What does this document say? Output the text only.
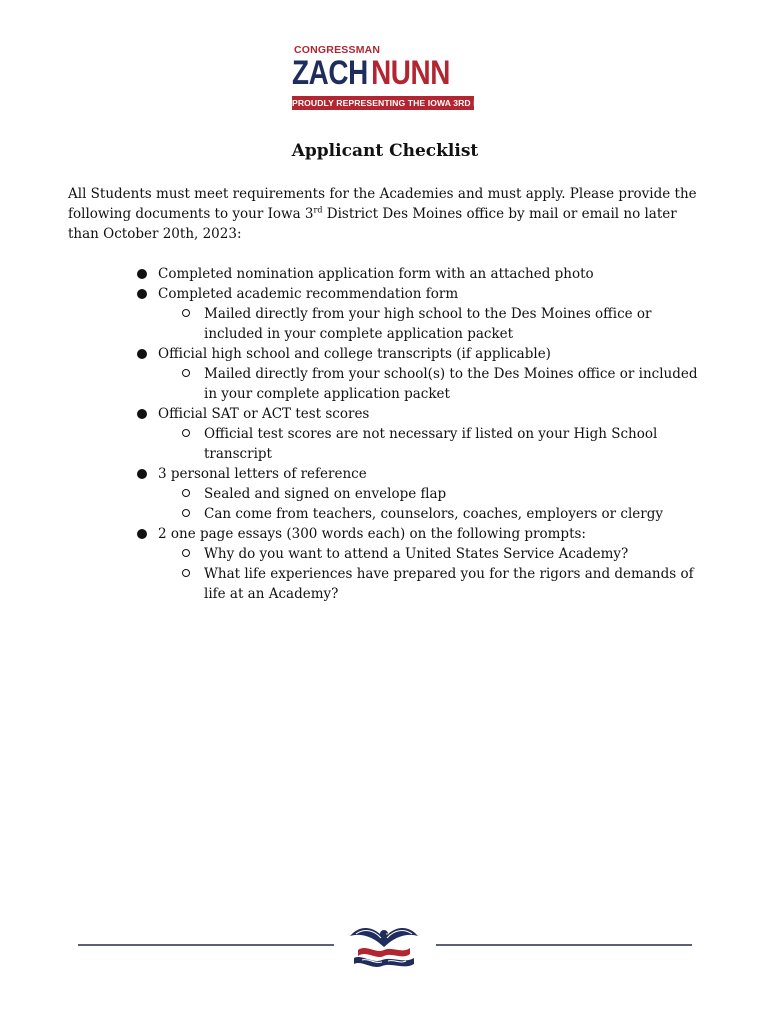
CONGRESSMAN
ZACH NUNN
PROUDLY REPRESENTING THE IOWA 3RD DISTRICT
Applicant Checklist
All Students must meet requirements for the Academies and must apply. Please provide the following documents to your Iowa 3rd District Des Moines office by mail or email no later than October 20th, 2023:
Completed nomination application form with an attached photo
Completed academic recommendation form
Mailed directly from your high school to the Des Moines office or included in your complete application packet
Official high school and college transcripts (if applicable)
Mailed directly from your school(s) to the Des Moines office or included in your complete application packet
Official SAT or ACT test scores
Official test scores are not necessary if listed on your High School transcript
3 personal letters of reference
Sealed and signed on envelope flap
Can come from teachers, counselors, coaches, employers or clergy
2 one page essays (300 words each) on the following prompts:
Why do you want to attend a United States Service Academy?
What life experiences have prepared you for the rigors and demands of life at an Academy?
